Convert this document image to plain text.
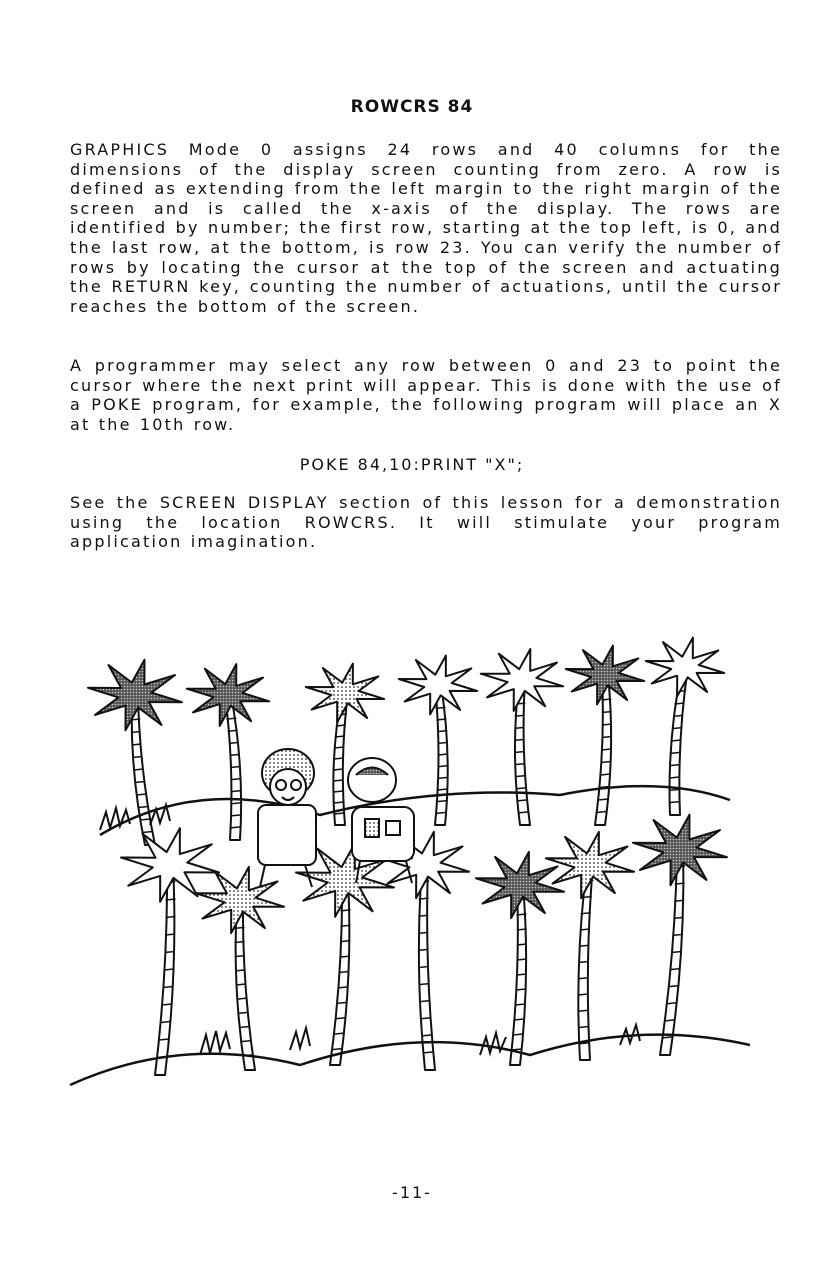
ROWCRS 84

GRAPHICS Mode 0 assigns 24 rows and 40 columns for the dimensions of the display screen counting from zero. A row is defined as extending from the left margin to the right margin of the screen and is called the x-axis of the display. The rows are identified by number; the first row, starting at the top left, is 0, and the last row, at the bottom, is row 23. You can verify the number of rows by locating the cursor at the top of the screen and actuating the RETURN key, counting the number of actuations, until the cursor reaches the bottom of the screen.

A programmer may select any row between 0 and 23 to point the cursor where the next print will appear. This is done with the use of a POKE program, for example, the following program will place an X at the 10th row.

POKE 84,10:PRINT "X";

See the SCREEN DISPLAY section of this lesson for a demonstration using the location ROWCRS. It will stimulate your program application imagination.

-11-
